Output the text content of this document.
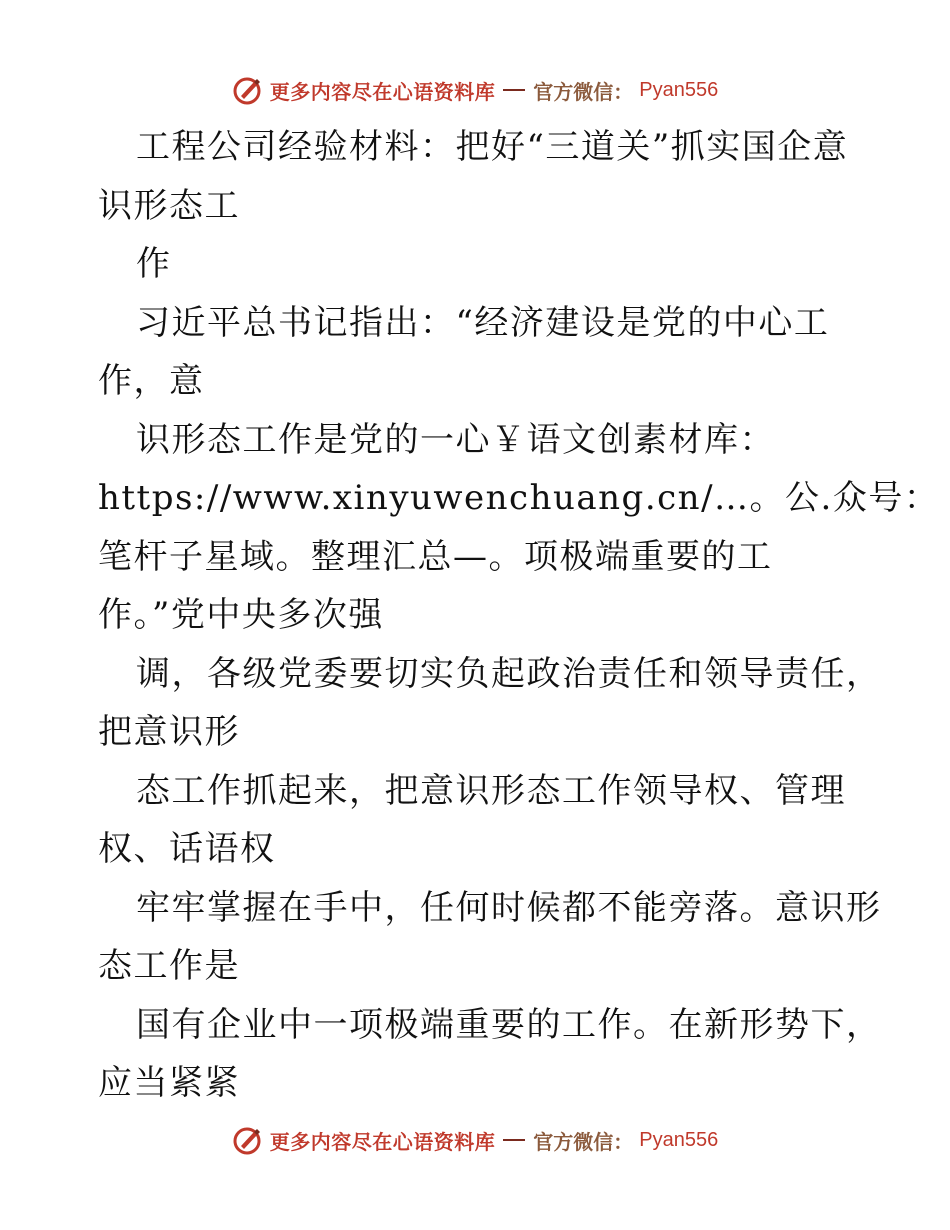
更多内容尽在心语资料库 官方微信： Pyan556
工程公司经验材料：把好“三道关”抓实国企意
识形态工
作
习近平总书记指出：“经济建设是党的中心工
作，意
识形态工作是党的一心￥语文创素材库：
https://www.xinyuwenchuang.cn/…。公.众号：
笔杆子星域。整理汇总—。项极端重要的工
作。”党中央多次强
调，各级党委要切实负起政治责任和领导责任，
把意识形
态工作抓起来，把意识形态工作领导权、管理
权、话语权
牢牢掌握在手中，任何时候都不能旁落。意识形
态工作是
国有企业中一项极端重要的工作。在新形势下，
应当紧紧
更多内容尽在心语资料库 官方微信： Pyan556
